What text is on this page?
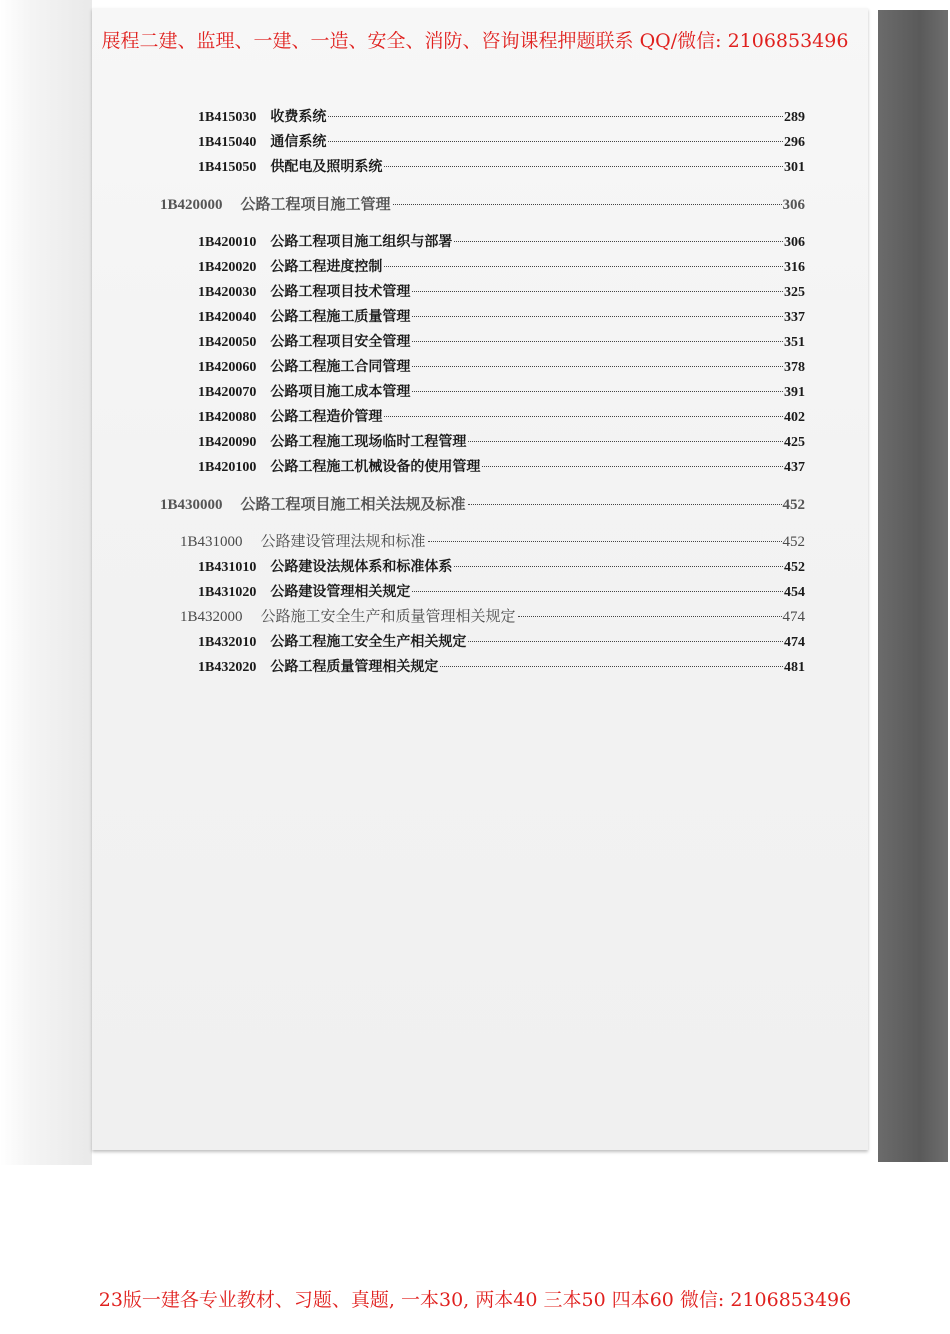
展程二建、监理、一建、一造、安全、消防、咨询课程押题联系 QQ/微信: 2106853496
1B415030 收费系统	289
1B415040 通信系统	296
1B415050 供配电及照明系统	301
1B420000 公路工程项目施工管理	306
1B420010 公路工程项目施工组织与部署	306
1B420020 公路工程进度控制	316
1B420030 公路工程项目技术管理	325
1B420040 公路工程施工质量管理	337
1B420050 公路工程项目安全管理	351
1B420060 公路工程施工合同管理	378
1B420070 公路项目施工成本管理	391
1B420080 公路工程造价管理	402
1B420090 公路工程施工现场临时工程管理	425
1B420100 公路工程施工机械设备的使用管理	437
1B430000 公路工程项目施工相关法规及标准	452
1B431000 公路建设管理法规和标准	452
1B431010 公路建设法规体系和标准体系	452
1B431020 公路建设管理相关规定	454
1B432000 公路施工安全生产和质量管理相关规定	474
1B432010 公路工程施工安全生产相关规定	474
1B432020 公路工程质量管理相关规定	481
23版一建各专业教材、习题、真题, 一本30, 两本40 三本50 四本60 微信: 2106853496
